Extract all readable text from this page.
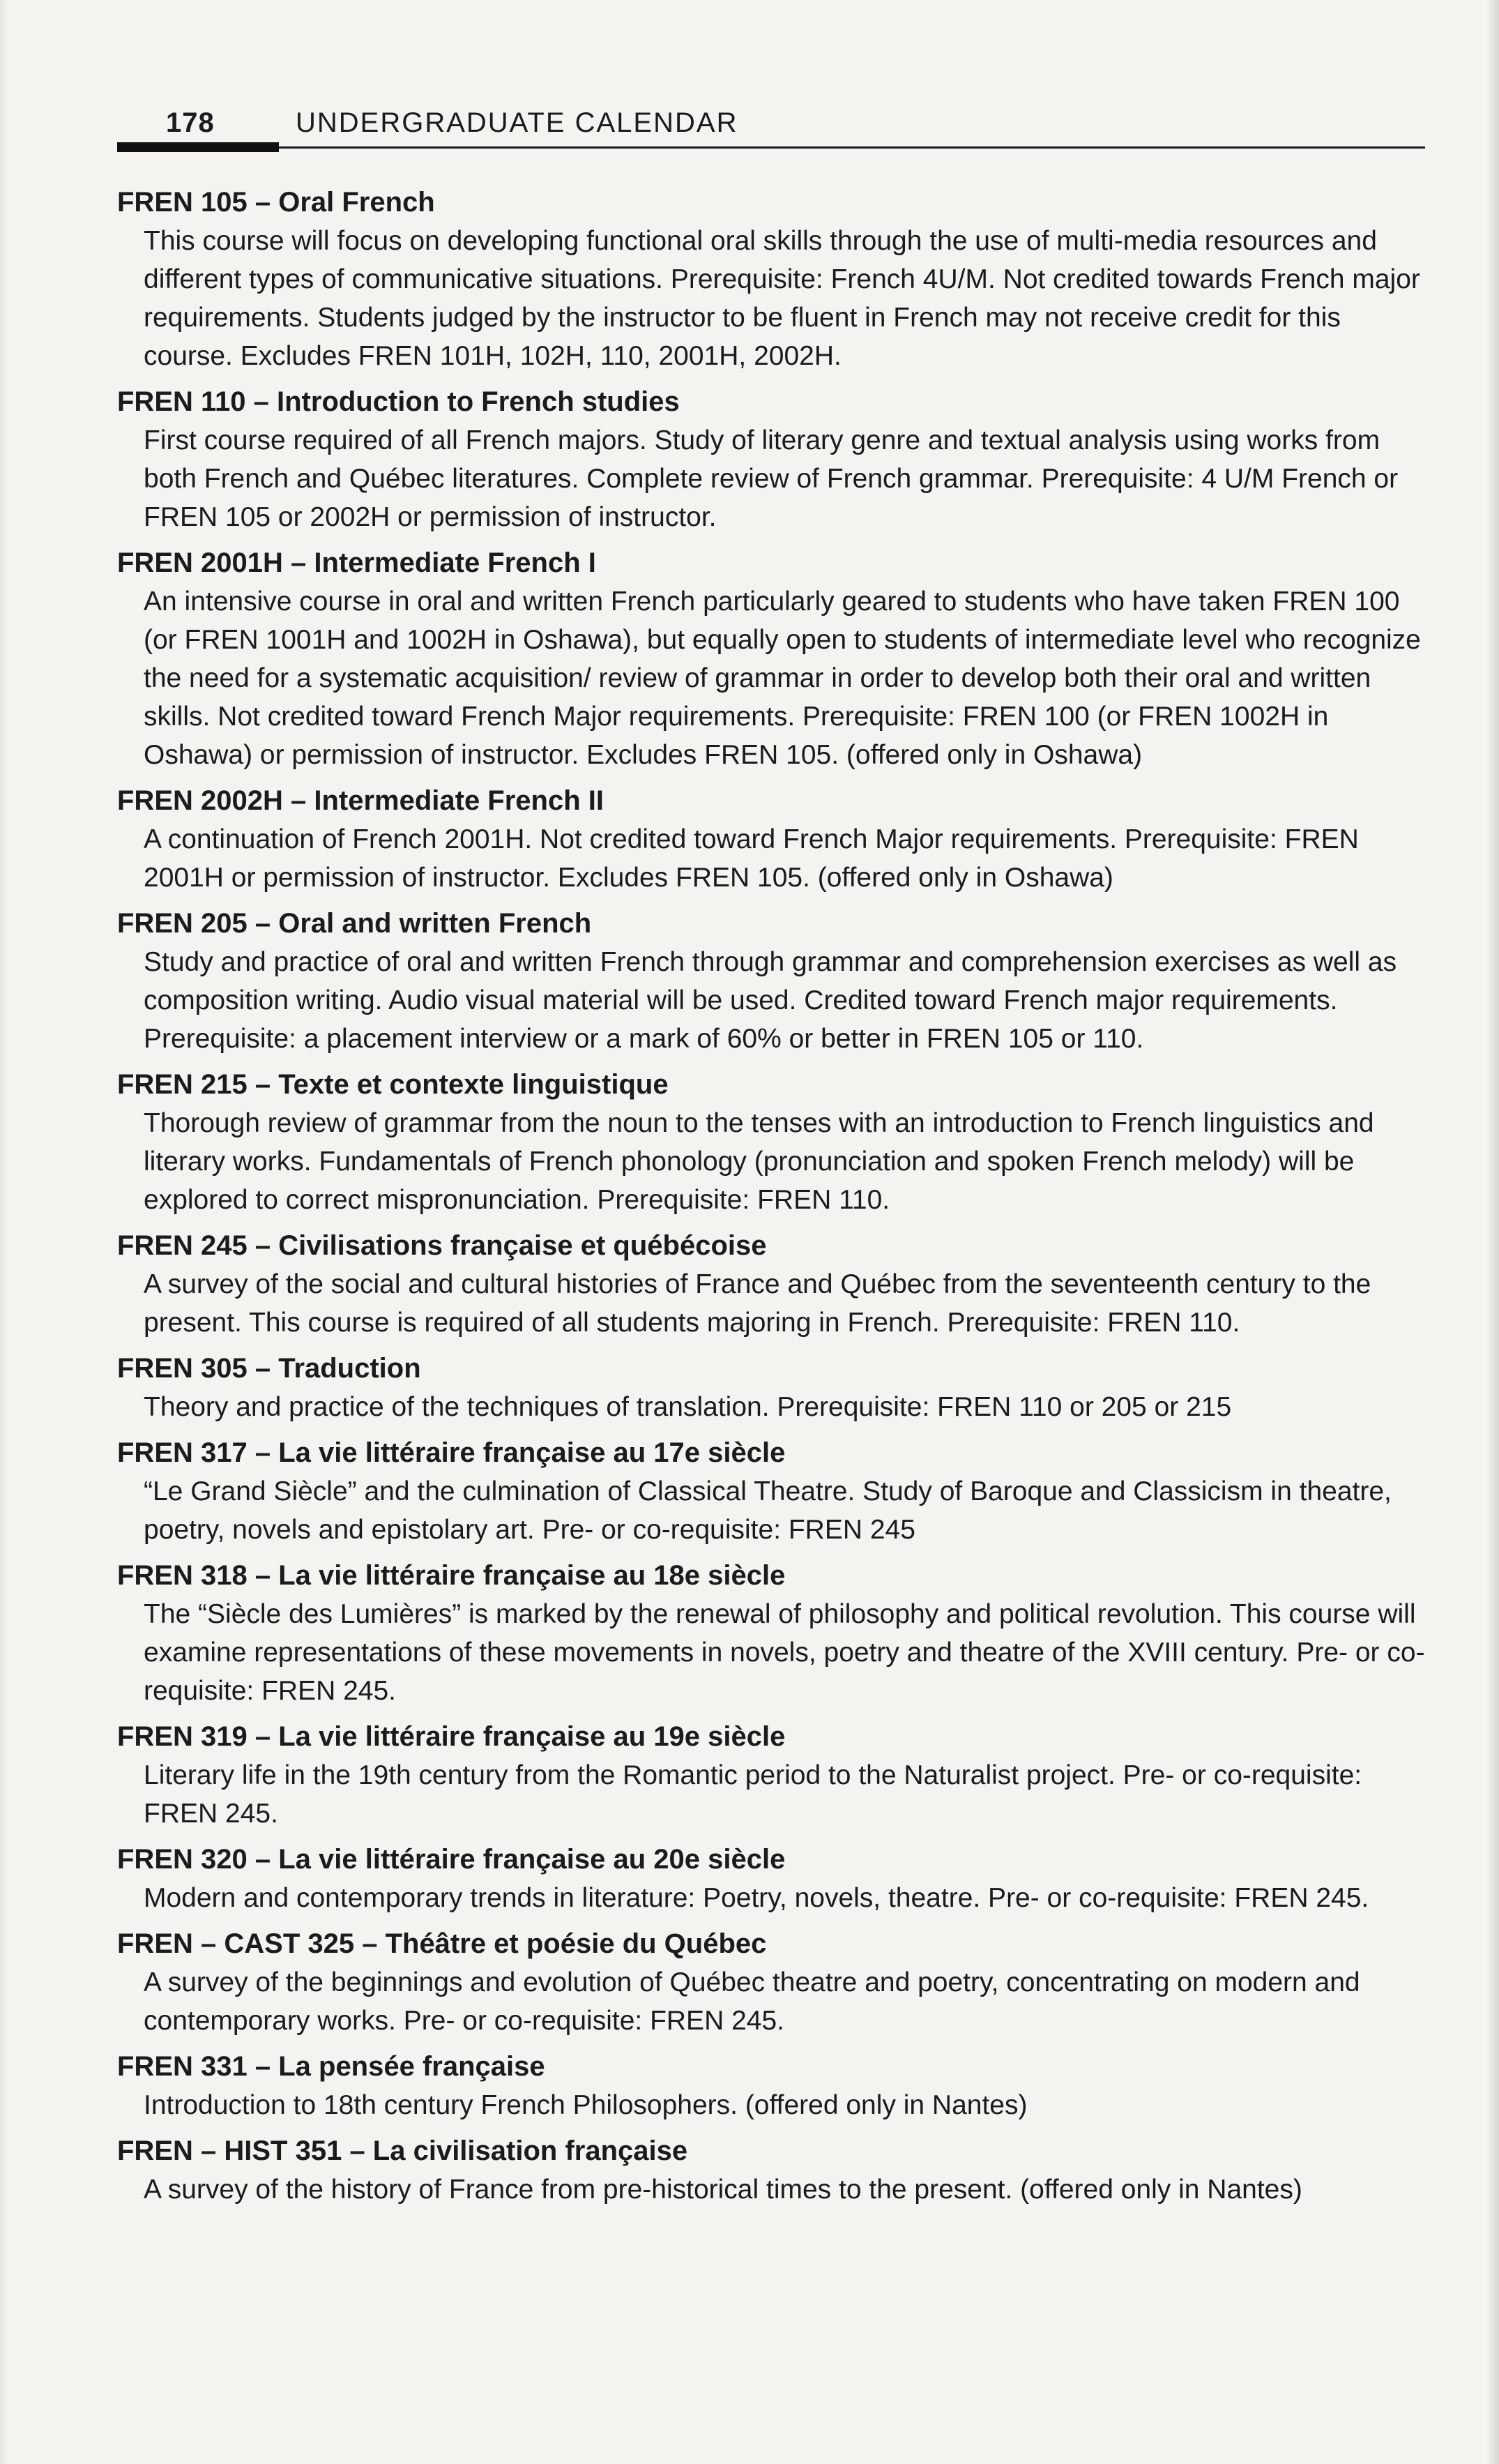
178	UNDERGRADUATE CALENDAR
FREN 105 – Oral French

This course will focus on developing functional oral skills through the use of multi-media resources and different types of communicative situations. Prerequisite: French 4U/M. Not credited towards French major requirements. Students judged by the instructor to be fluent in French may not receive credit for this course. Excludes FREN 101H, 102H, 110, 2001H, 2002H.

FREN 110 – Introduction to French studies

First course required of all French majors. Study of literary genre and textual analysis using works from both French and Québec literatures. Complete review of French grammar. Prerequisite: 4 U/M French or FREN 105 or 2002H or permission of instructor.

FREN 2001H – Intermediate French I

An intensive course in oral and written French particularly geared to students who have taken FREN 100 (or FREN 1001H and 1002H in Oshawa), but equally open to students of intermediate level who recognize the need for a systematic acquisition/ review of grammar in order to develop both their oral and written skills. Not credited toward French Major requirements. Prerequisite: FREN 100 (or FREN 1002H in Oshawa) or permission of instructor. Excludes FREN 105. (offered only in Oshawa)

FREN 2002H – Intermediate French II

A continuation of French 2001H. Not credited toward French Major requirements. Prerequisite: FREN 2001H or permission of instructor. Excludes FREN 105. (offered only in Oshawa)

FREN 205 – Oral and written French

Study and practice of oral and written French through grammar and comprehension exercises as well as composition writing. Audio visual material will be used. Credited toward French major requirements. Prerequisite: a placement interview or a mark of 60% or better in FREN 105 or 110.

FREN 215 – Texte et contexte linguistique

Thorough review of grammar from the noun to the tenses with an introduction to French linguistics and literary works. Fundamentals of French phonology (pronunciation and spoken French melody) will be explored to correct mispronunciation. Prerequisite: FREN 110.

FREN 245 – Civilisations française et québécoise

A survey of the social and cultural histories of France and Québec from the seventeenth century to the present. This course is required of all students majoring in French. Prerequisite: FREN 110.

FREN 305 – Traduction

Theory and practice of the techniques of translation. Prerequisite: FREN 110 or 205 or 215

FREN 317 – La vie littéraire française au 17e siècle

“Le Grand Siècle” and the culmination of Classical Theatre. Study of Baroque and Classicism in theatre, poetry, novels and epistolary art. Pre- or co-requisite: FREN 245

FREN 318 – La vie littéraire française au 18e siècle

The “Siècle des Lumières” is marked by the renewal of philosophy and political revolution. This course will examine representations of these movements in novels, poetry and theatre of the XVIII century. Pre- or co-requisite: FREN 245.

FREN 319 – La vie littéraire française au 19e siècle

Literary life in the 19th century from the Romantic period to the Naturalist project. Pre- or co-requisite: FREN 245.

FREN 320 – La vie littéraire française au 20e siècle

Modern and contemporary trends in literature: Poetry, novels, theatre. Pre- or co-requisite: FREN 245.

FREN – CAST 325 – Théâtre et poésie du Québec

A survey of the beginnings and evolution of Québec theatre and poetry, concentrating on modern and contemporary works. Pre- or co-requisite: FREN 245.

FREN 331 – La pensée française

Introduction to 18th century French Philosophers. (offered only in Nantes)

FREN – HIST 351 – La civilisation française

A survey of the history of France from pre-historical times to the present. (offered only in Nantes)
